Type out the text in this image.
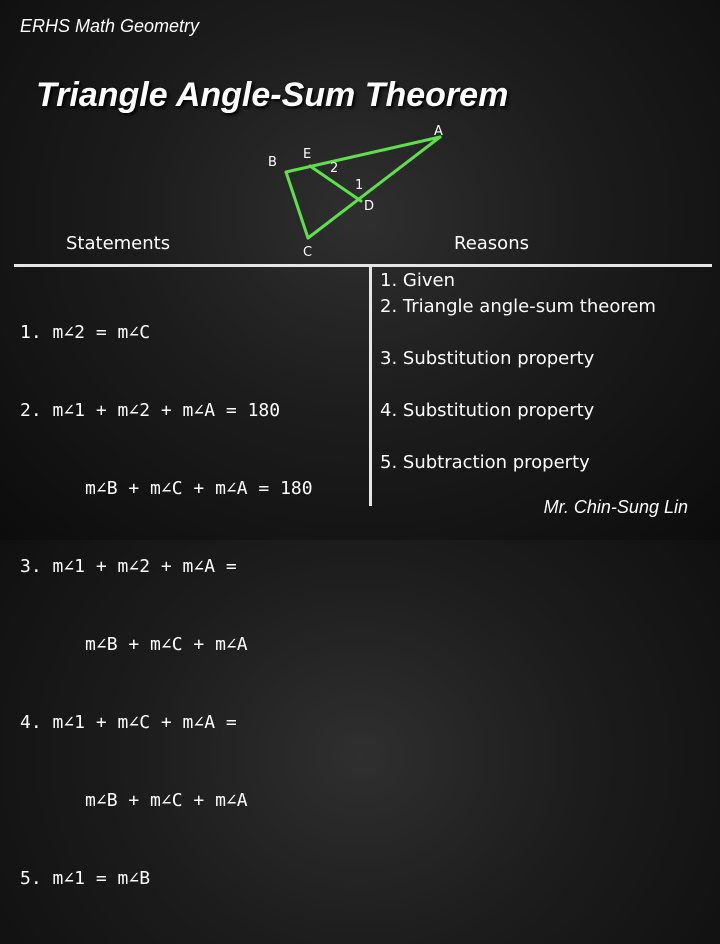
ERHS Math Geometry
Triangle Angle-Sum Theorem
A
B
E
2
1
D
C
Statements	Reasons

1. m∠2 = m∠C

2. m∠1 + m∠2 + m∠A = 180

m∠B + m∠C + m∠A = 180

3. m∠1 + m∠2 + m∠A =

m∠B + m∠C + m∠A

4. m∠1 + m∠C + m∠A =

m∠B + m∠C + m∠A

5. m∠1 = m∠B

1. Given
2. Triangle angle-sum theorem
3. Substitution property
4. Substitution property
5. Subtraction property
Mr. Chin-Sung Lin
